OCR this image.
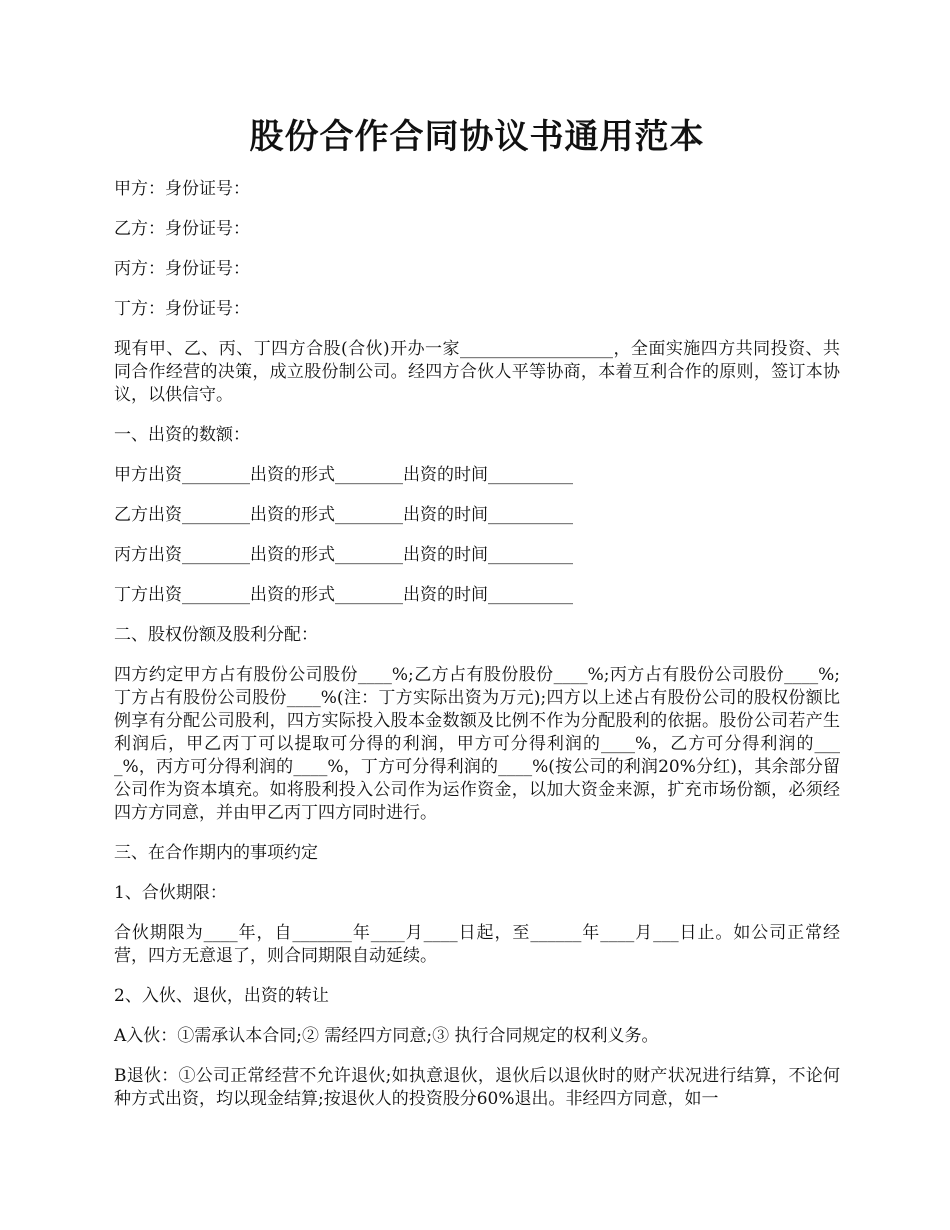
股份合作合同协议书通用范本

甲方：身份证号：

乙方：身份证号：

丙方：身份证号：

丁方：身份证号：

现有甲、乙、丙、丁四方合股(合伙)开办一家__________________，全面实施四方共同投资、共同合作经营的决策，成立股份制公司。经四方合伙人平等协商，本着互利合作的原则，签订本协议，以供信守。

一、出资的数额：

甲方出资________出资的形式________出资的时间__________

乙方出资________出资的形式________出资的时间__________

丙方出资________出资的形式________出资的时间__________

丁方出资________出资的形式________出资的时间__________

二、股权份额及股利分配：

四方约定甲方占有股份公司股份____%;乙方占有股份股份____%;丙方占有股份公司股份____%;丁方占有股份公司股份____%(注：丁方实际出资为万元);四方以上述占有股份公司的股权份额比例享有分配公司股利，四方实际投入股本金数额及比例不作为分配股利的依据。股份公司若产生利润后，甲乙丙丁可以提取可分得的利润，甲方可分得利润的____%，乙方可分得利润的____%，丙方可分得利润的____%，丁方可分得利润的____%(按公司的利润20%分红)，其余部分留公司作为资本填充。如将股利投入公司作为运作资金，以加大资金来源，扩充市场份额，必须经四方方同意，并由甲乙丙丁四方同时进行。

三、在合作期内的事项约定

1、合伙期限：

合伙期限为____年，自_______年____月____日起，至______年____月___日止。如公司正常经营，四方无意退了，则合同期限自动延续。

2、入伙、退伙，出资的转让

A入伙：①需承认本合同;② 需经四方同意;③ 执行合同规定的权利义务。

B退伙：①公司正常经营不允许退伙;如执意退伙，退伙后以退伙时的财产状况进行结算，不论何种方式出资，均以现金结算;按退伙人的投资股分60%退出。非经四方同意，如一
